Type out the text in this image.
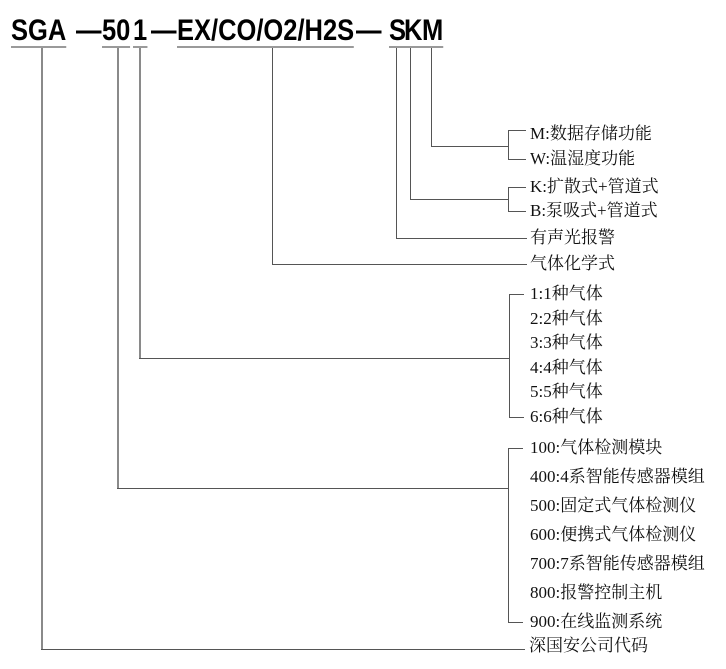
SGA — 50 1 — EX/CO/O2/H2S — S
K M
M:数据存储功能
W:温湿度功能
K:扩散式+管道式
B:泵吸式+管道式
有声光报警
气体化学式
1:1种气体
2:2种气体
3:3种气体
4:4种气体
5:5种气体
6:6种气体
100:气体检测模块
400:4系智能传感器模组
500:固定式气体检测仪
600:便携式气体检测仪
700:7系智能传感器模组
800:报警控制主机
900:在线监测系统
深国安公司代码
